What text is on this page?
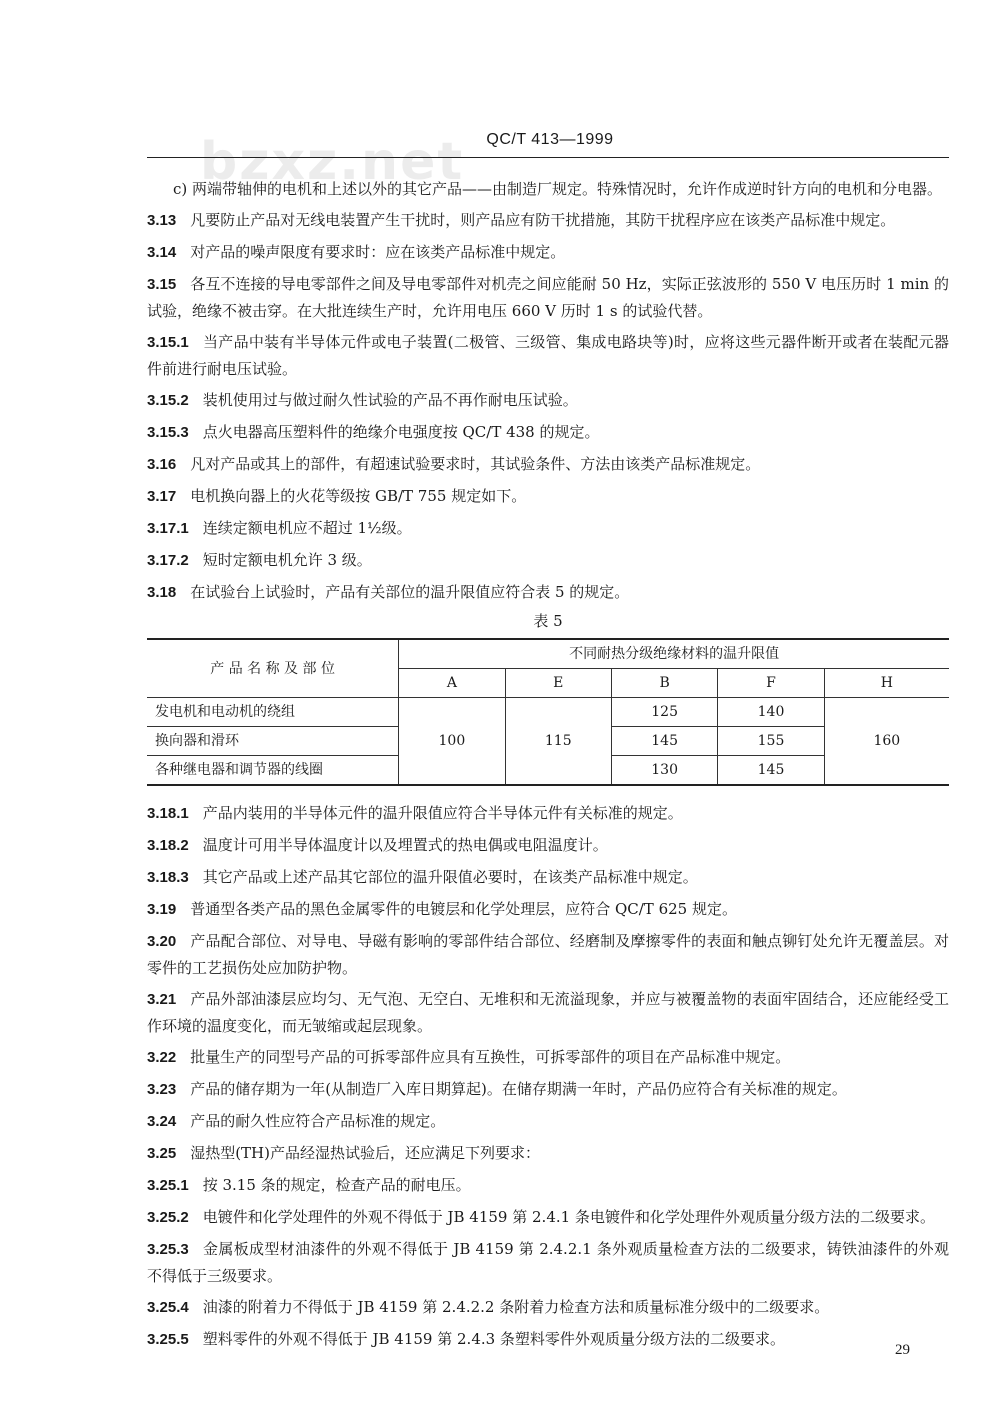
bzxz.net	QC/T 413—1999

c) 两端带轴伸的电机和上述以外的其它产品——由制造厂规定。特殊情况时，允许作成逆时针方向的电机和分电器。

3.13 凡要防止产品对无线电装置产生干扰时，则产品应有防干扰措施，其防干扰程序应在该类产品标准中规定。

3.14 对产品的噪声限度有要求时：应在该类产品标准中规定。

3.15 各互不连接的导电零部件之间及导电零部件对机壳之间应能耐 50 Hz，实际正弦波形的 550 V 电压历时 1 min 的试验，绝缘不被击穿。在大批连续生产时，允许用电压 660 V 历时 1 s 的试验代替。

3.15.1 当产品中装有半导体元件或电子装置(二极管、三级管、集成电路块等)时，应将这些元器件断开或者在装配元器件前进行耐电压试验。

3.15.2 装机使用过与做过耐久性试验的产品不再作耐电压试验。

3.15.3 点火电器高压塑料件的绝缘介电强度按 QC/T 438 的规定。

3.16 凡对产品或其上的部件，有超速试验要求时，其试验条件、方法由该类产品标准规定。

3.17 电机换向器上的火花等级按 GB/T 755 规定如下。

3.17.1 连续定额电机应不超过 1½级。

3.17.2 短时定额电机允许 3 级。

3.18 在试验台上试验时，产品有关部位的温升限值应符合表 5 的规定。

表 5
产 品 名 称 及 部 位	不同耐热分级绝缘材料的温升限值				
	A	E	B	F	H
发电机和电动机的绕组	100	115	125	140	160
换向器和滑环			145	155	
各种继电器和调节器的线圈			130	145	

3.18.1 产品内装用的半导体元件的温升限值应符合半导体元件有关标准的规定。

3.18.2 温度计可用半导体温度计以及埋置式的热电偶或电阻温度计。

3.18.3 其它产品或上述产品其它部位的温升限值必要时，在该类产品标准中规定。

3.19 普通型各类产品的黑色金属零件的电镀层和化学处理层，应符合 QC/T 625 规定。

3.20 产品配合部位、对导电、导磁有影响的零部件结合部位、经磨制及摩擦零件的表面和触点铆钉处允许无覆盖层。对零件的工艺损伤处应加防护物。

3.21 产品外部油漆层应均匀、无气泡、无空白、无堆积和无流溢现象，并应与被覆盖物的表面牢固结合，还应能经受工作环境的温度变化，而无皱缩或起层现象。

3.22 批量生产的同型号产品的可拆零部件应具有互换性，可拆零部件的项目在产品标准中规定。

3.23 产品的储存期为一年(从制造厂入库日期算起)。在储存期满一年时，产品仍应符合有关标准的规定。

3.24 产品的耐久性应符合产品标准的规定。

3.25 湿热型(TH)产品经湿热试验后，还应满足下列要求：

3.25.1 按 3.15 条的规定，检查产品的耐电压。

3.25.2 电镀件和化学处理件的外观不得低于 JB 4159 第 2.4.1 条电镀件和化学处理件外观质量分级方法的二级要求。

3.25.3 金属板成型材油漆件的外观不得低于 JB 4159 第 2.4.2.1 条外观质量检查方法的二级要求，铸铁油漆件的外观不得低于三级要求。

3.25.4 油漆的附着力不得低于 JB 4159 第 2.4.2.2 条附着力检查方法和质量标准分级中的二级要求。

3.25.5 塑料零件的外观不得低于 JB 4159 第 2.4.3 条塑料零件外观质量分级方法的二级要求。

29
